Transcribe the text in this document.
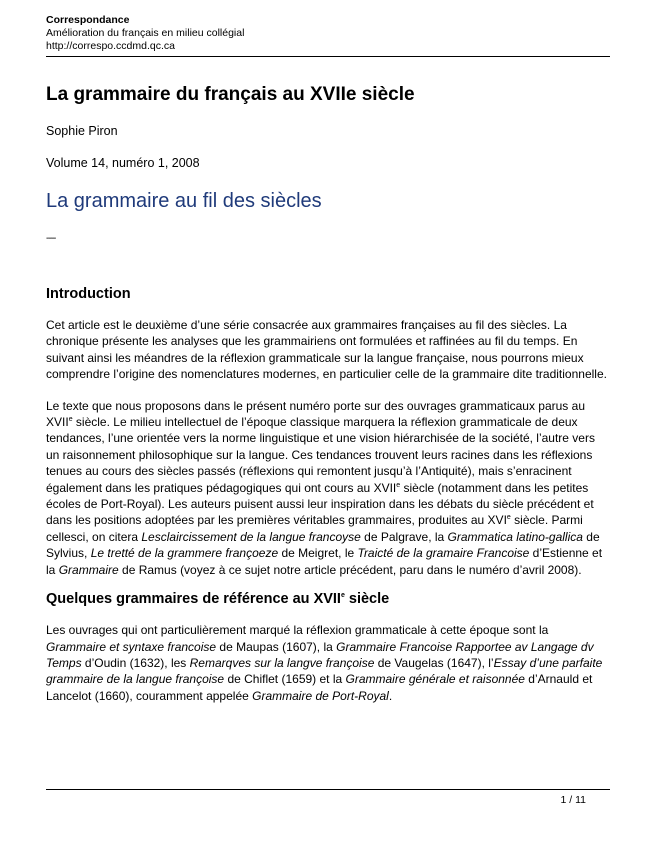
Correspondance
Amélioration du français en milieu collégial
http://correspo.ccdmd.qc.ca
La grammaire du français au XVIIe siècle
Sophie Piron
Volume 14, numéro 1, 2008
La grammaire au fil des siècles
----
Introduction

Cet article est le deuxième d’une série consacrée aux grammaires françaises au fil des siècles. La chronique présente les analyses que les grammairiens ont formulées et raffinées au fil du temps. En suivant ainsi les méandres de la réflexion grammaticale sur la langue française, nous pourrons mieux comprendre l’origine des nomenclatures modernes, en particulier celle de la grammaire dite traditionnelle.

Le texte que nous proposons dans le présent numéro porte sur des ouvrages grammaticaux parus au XVIIe siècle. Le milieu intellectuel de l’époque classique marquera la réflexion grammaticale de deux tendances, l’une orientée vers la norme linguistique et une vision hiérarchisée de la société, l’autre vers un raisonnement philosophique sur la langue. Ces tendances trouvent leurs racines dans les réflexions tenues au cours des siècles passés (réflexions qui remontent jusqu’à l’Antiquité), mais s’enracinent également dans les pratiques pédagogiques qui ont cours au XVIIe siècle (notamment dans les petites écoles de Port-Royal). Les auteurs puisent aussi leur inspiration dans les débats du siècle précédent et dans les positions adoptées par les premières véritables grammaires, produites au XVIe siècle. Parmi cellesci, on citera Lesclaircissement de la langue francoyse de Palgrave, la Grammatica latino-gallica de Sylvius, Le tretté de la grammere françoeze de Meigret, le Traicté de la gramaire Francoise d’Estienne et la Grammaire de Ramus (voyez à ce sujet notre article précédent, paru dans le numéro d’avril 2008).

Quelques grammaires de référence au XVIIe siècle

Les ouvrages qui ont particulièrement marqué la réflexion grammaticale à cette époque sont la Grammaire et syntaxe francoise de Maupas (1607), la Grammaire Francoise Rapportee av Langage dv Temps d’Oudin (1632), les Remarqves sur la langve françoise de Vaugelas (1647), l’Essay d’une parfaite grammaire de la langue françoise de Chiflet (1659) et la Grammaire générale et raisonnée d’Arnauld et Lancelot (1660), couramment appelée Grammaire de Port-Royal.

1 / 11
